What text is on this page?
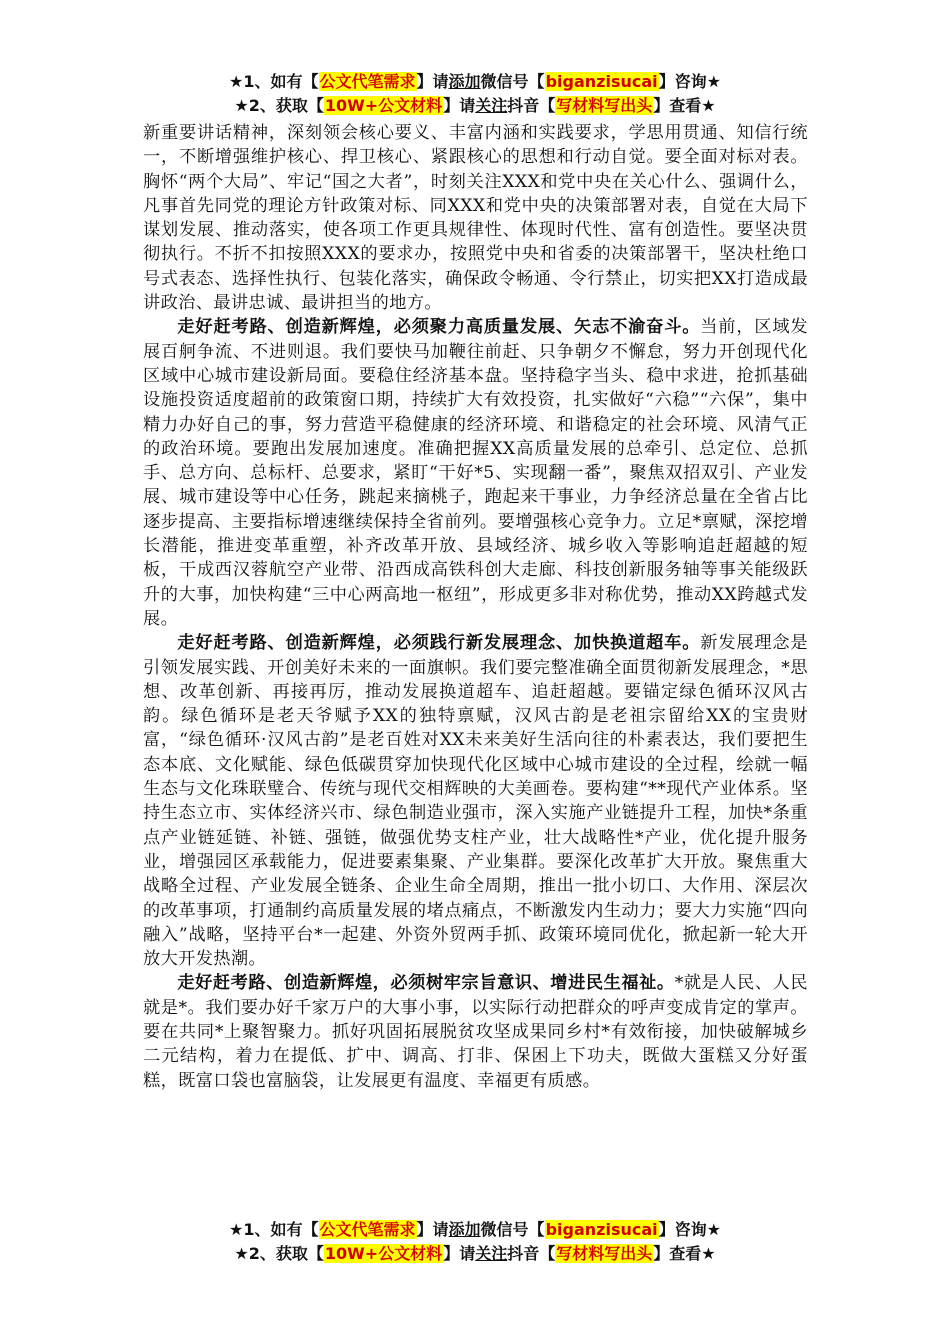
★1、如有【公文代笔需求】请添加微信号【biganzisucai】咨询★
★2、获取【10W+公文材料】请关注抖音【写材料写出头】查看★

新重要讲话精神，深刻领会核心要义、丰富内涵和实践要求，学思用贯通、知信行统一，不断增强维护核心、捍卫核心、紧跟核心的思想和行动自觉。要全面对标对表。胸怀“两个大局”、牢记“国之大者”，时刻关注XXX和党中央在关心什么、强调什么，凡事首先同党的理论方针政策对标、同XXX和党中央的决策部署对表，自觉在大局下谋划发展、推动落实，使各项工作更具规律性、体现时代性、富有创造性。要坚决贯彻执行。不折不扣按照XXX的要求办，按照党中央和省委的决策部署干，坚决杜绝口号式表态、选择性执行、包装化落实，确保政令畅通、令行禁止，切实把XX打造成最讲政治、最讲忠诚、最讲担当的地方。

走好赶考路、创造新辉煌，必须聚力高质量发展、矢志不渝奋斗。当前，区域发展百舸争流、不进则退。我们要快马加鞭往前赶、只争朝夕不懈怠，努力开创现代化区域中心城市建设新局面。要稳住经济基本盘。坚持稳字当头、稳中求进，抢抓基础设施投资适度超前的政策窗口期，持续扩大有效投资，扎实做好“六稳”“六保”，集中精力办好自己的事，努力营造平稳健康的经济环境、和谐稳定的社会环境、风清气正的政治环境。要跑出发展加速度。准确把握XX高质量发展的总牵引、总定位、总抓手、总方向、总标杆、总要求，紧盯“干好*5、实现翻一番”，聚焦双招双引、产业发展、城市建设等中心任务，跳起来摘桃子，跑起来干事业，力争经济总量在全省占比逐步提高、主要指标增速继续保持全省前列。要增强核心竞争力。立足*禀赋，深挖增长潜能，推进变革重塑，补齐改革开放、县域经济、城乡收入等影响追赶超越的短板，干成西汉蓉航空产业带、沿西成高铁科创大走廊、科技创新服务轴等事关能级跃升的大事，加快构建“三中心两高地一枢纽”，形成更多非对称优势，推动XX跨越式发展。

走好赶考路、创造新辉煌，必须践行新发展理念、加快换道超车。新发展理念是引领发展实践、开创美好未来的一面旗帜。我们要完整准确全面贯彻新发展理念，*思想、改革创新、再接再厉，推动发展换道超车、追赶超越。要锚定绿色循环汉风古韵。绿色循环是老天爷赋予XX的独特禀赋，汉风古韵是老祖宗留给XX的宝贵财富，“绿色循环·汉风古韵”是老百姓对XX未来美好生活向往的朴素表达，我们要把生态本底、文化赋能、绿色低碳贯穿加快现代化区域中心城市建设的全过程，绘就一幅生态与文化珠联璧合、传统与现代交相辉映的大美画卷。要构建“**现代产业体系。坚持生态立市、实体经济兴市、绿色制造业强市，深入实施产业链提升工程，加快*条重点产业链延链、补链、强链，做强优势支柱产业，壮大战略性*产业，优化提升服务业，增强园区承载能力，促进要素集聚、产业集群。要深化改革扩大开放。聚焦重大战略全过程、产业发展全链条、企业生命全周期，推出一批小切口、大作用、深层次的改革事项，打通制约高质量发展的堵点痛点，不断激发内生动力；要大力实施“四向融入”战略，坚持平台*一起建、外资外贸两手抓、政策环境同优化，掀起新一轮大开放大开发热潮。

走好赶考路、创造新辉煌，必须树牢宗旨意识、增进民生福祉。*就是人民、人民就是*。我们要办好千家万户的大事小事，以实际行动把群众的呼声变成肯定的掌声。要在共同*上聚智聚力。抓好巩固拓展脱贫攻坚成果同乡村*有效衔接，加快破解城乡二元结构，着力在提低、扩中、调高、打非、保困上下功夫，既做大蛋糕又分好蛋糕，既富口袋也富脑袋，让发展更有温度、幸福更有质感。

★1、如有【公文代笔需求】请添加微信号【biganzisucai】咨询★
★2、获取【10W+公文材料】请关注抖音【写材料写出头】查看★
